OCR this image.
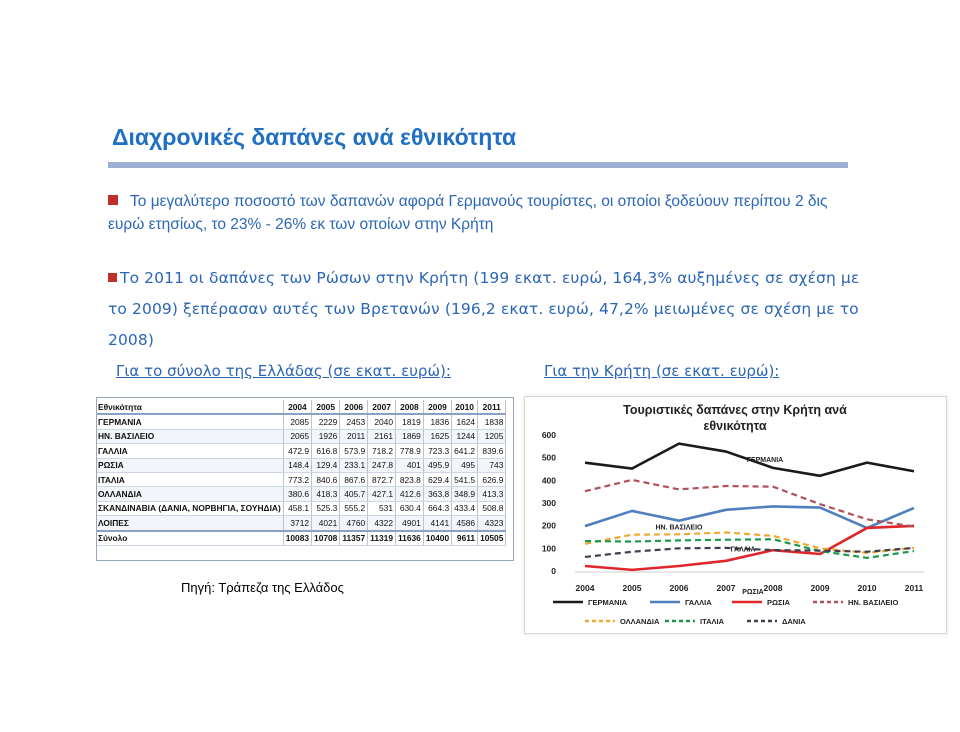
Διαχρονικές δαπάνες ανά εθνικότητα
Το μεγαλύτερο ποσοστό των δαπανών αφορά Γερμανούς τουρίστες, οι οποίοι ξοδεύουν περίπου 2 δις ευρώ ετησίως, το 23% - 26% εκ των οποίων στην Κρήτη
Το 2011 οι δαπάνες των Ρώσων στην Κρήτη (199 εκατ. ευρώ, 164,3% αυξημένες σε σχέση με το 2009) ξεπέρασαν αυτές των Βρετανών (196,2 εκατ. ευρώ, 47,2% μειωμένες σε σχέση με το 2008)
Για το σύνολο της Ελλάδας (σε εκατ. ευρώ):	Για την Κρήτη (σε εκατ. ευρώ):
Εθνικότητα	2004	2005	2006	2007	2008	2009	2010	2011
ΓΕΡΜΑΝΙΑ	2085	2229	2453	2040	1819	1836	1624	1838
ΗΝ. ΒΑΣΙΛΕΙΟ	2065	1926	2011	2161	1869	1625	1244	1205
ΓΑΛΛΙΑ	472.9	616.8	573.9	718.2	778.9	723.3	641.2	839.6
ΡΩΣΙΑ	148.4	129.4	233.1	247.8	401	495.9	495	743
ΙΤΑΛΙΑ	773.2	840.6	867.6	872.7	823.8	629.4	541.5	626.9
ΟΛΛΑΝΔΙΑ	380.6	418.3	405.7	427.1	412.6	363.8	348.9	413.3
ΣΚΑΝΔΙΝΑΒΙΑ (ΔΑΝΙΑ, ΝΟΡΒΗΓΙΑ, ΣΟΥΗΔΙΑ)	458.1	525.3	555.2	531	630.4	664.3	433.4	508.8
ΛΟΙΠΕΣ	3712	4021	4760	4322	4901	4141	4586	4323
Σύνολο	10083	10708	11357	11319	11636	10400	9611	10505
Πηγή: Τράπεζα της Ελλάδος
Τουριστικές δαπάνες στην Κρήτη ανά
εθνικότητα
0
100
200
300
400
500
600
2004	2005	2006	2007	2008	2009	2010	2011
ΓΕΡΜΑΝΙΑ
ΗΝ. ΒΑΣΙΛΕΙΟ
ΓΑΛΛΙΑ
ΡΩΣΙΑ
ΓΕΡΜΑΝΙΑ	ΓΑΛΛΙΑ	ΡΩΣΙΑ	ΗΝ. ΒΑΣΙΛΕΙΟ
ΟΛΛΑΝΔΙΑ	ΙΤΑΛΙΑ	ΔΑΝΙΑ
